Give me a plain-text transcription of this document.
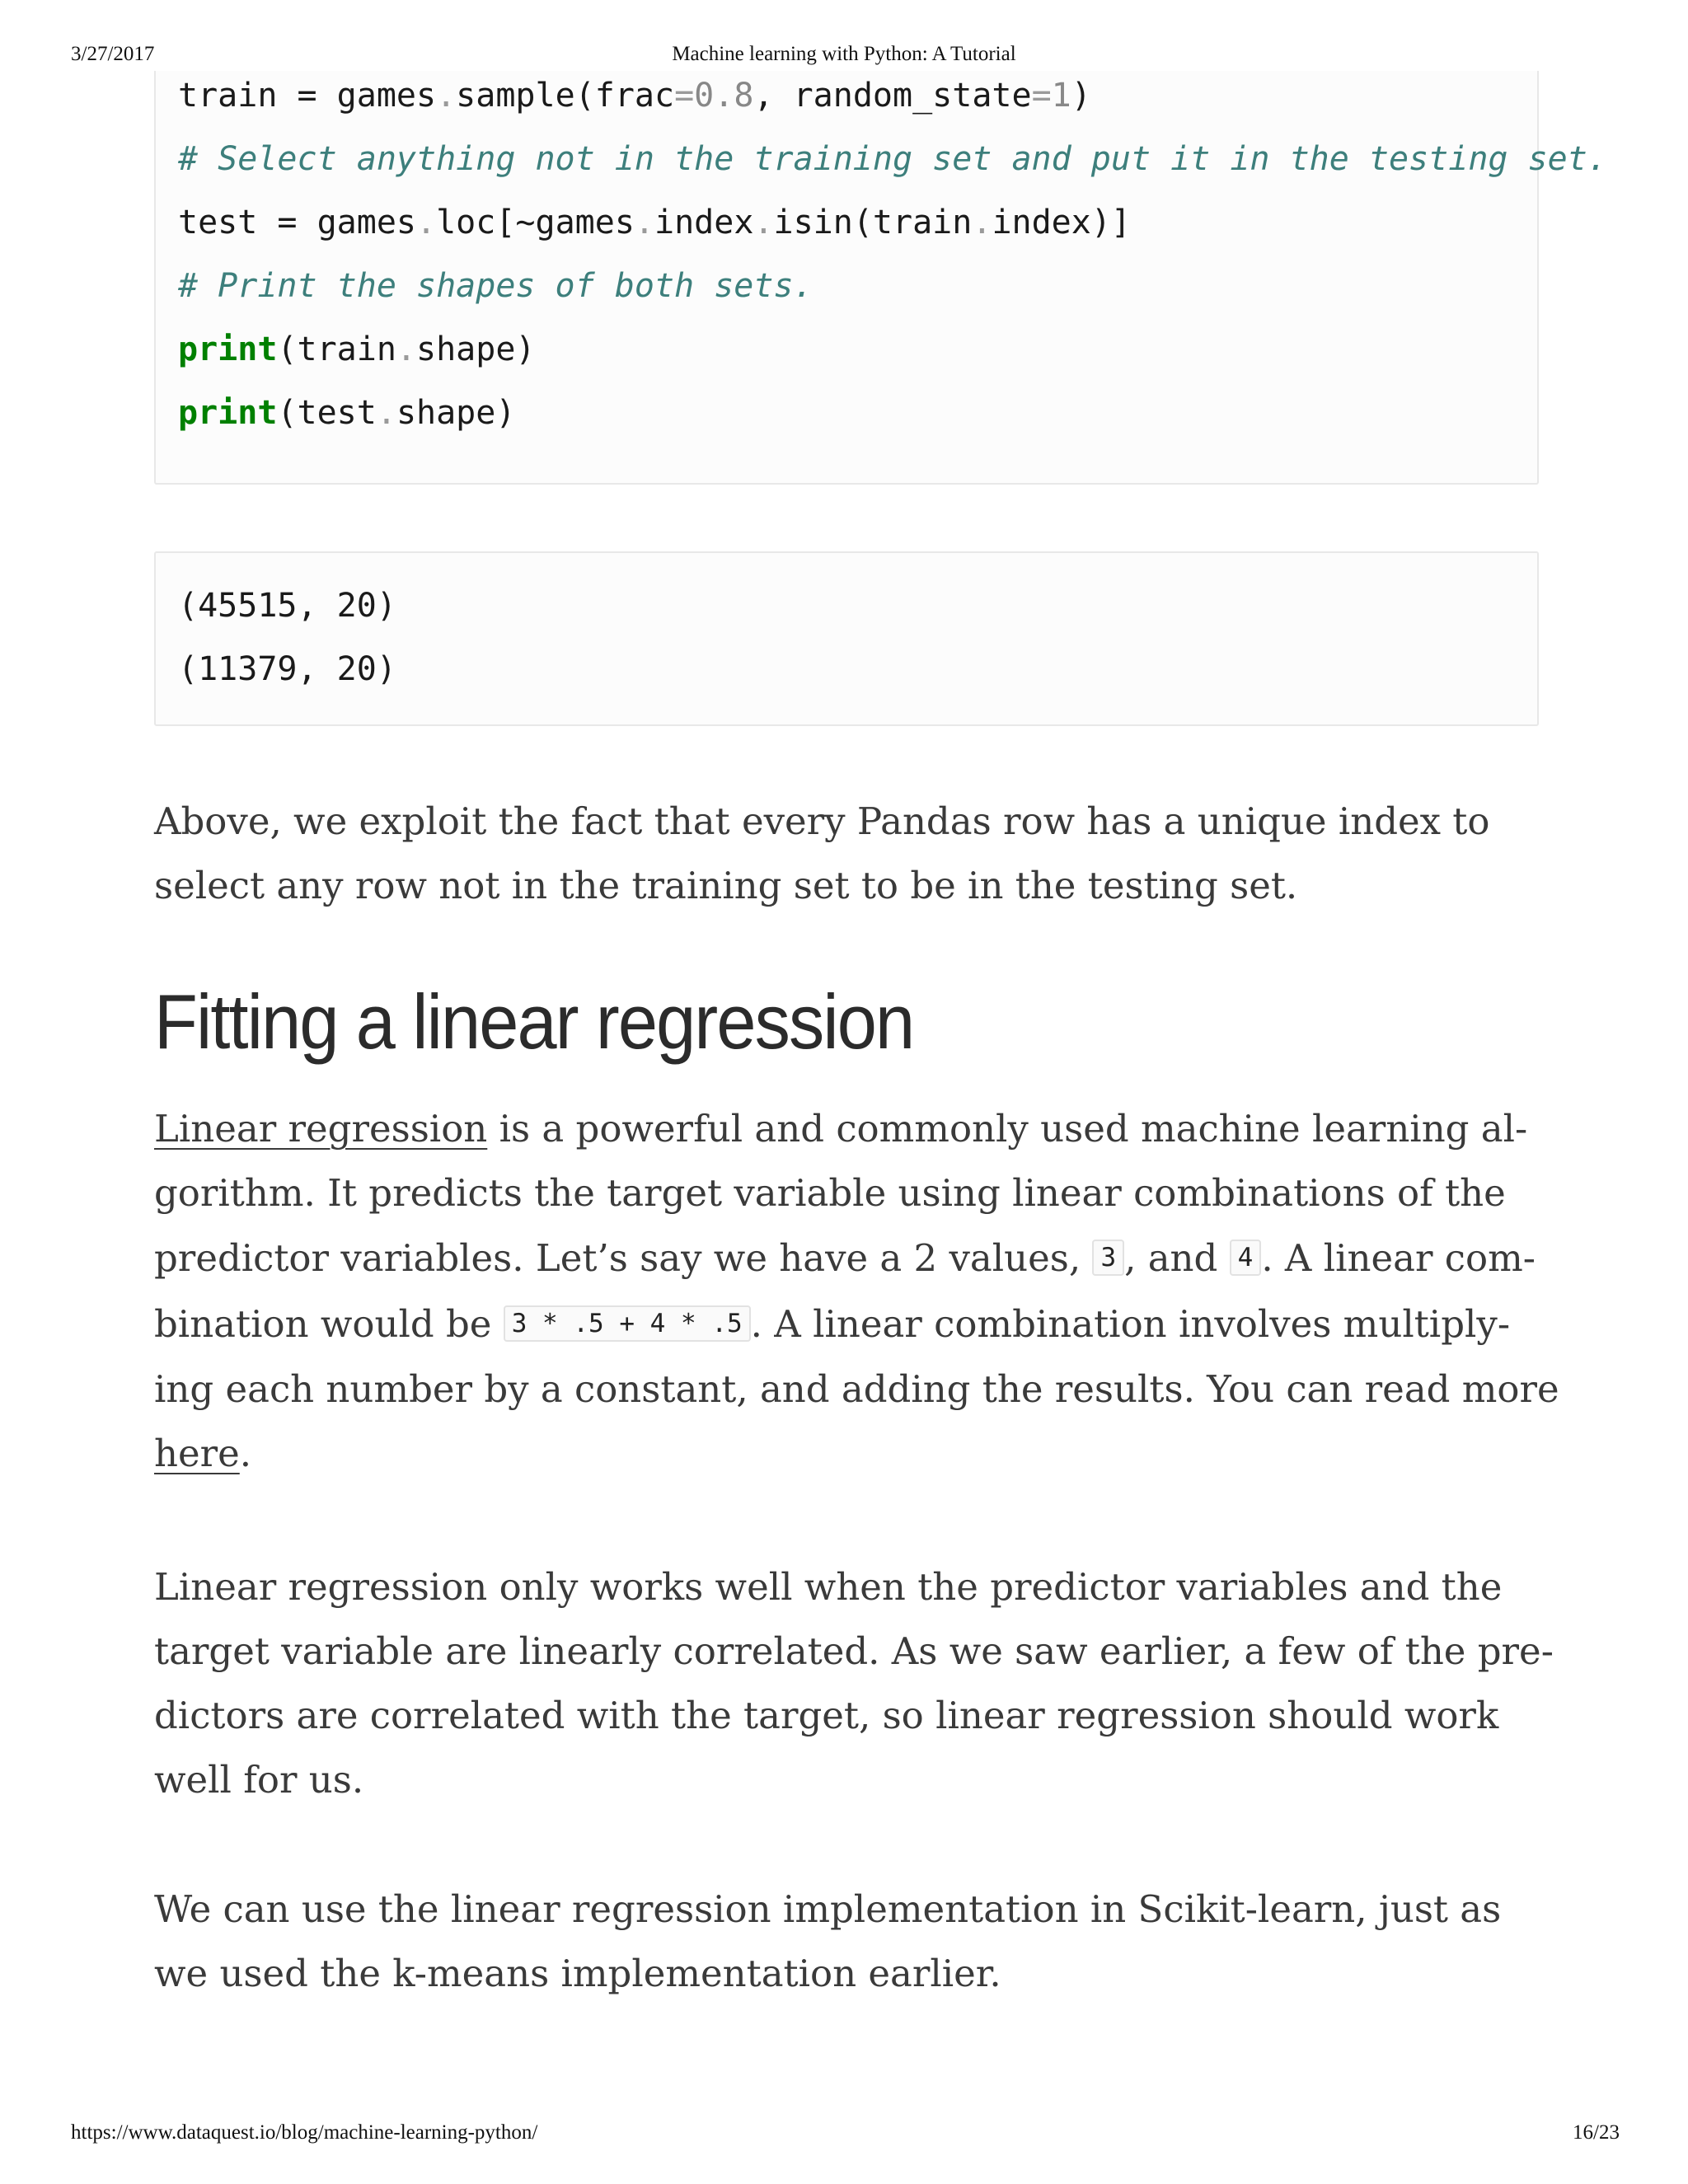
3/27/2017	Machine learning with Python: A Tutorial
train = games.sample(frac=0.8, random_state=1)
# Select anything not in the training set and put it in the testing set.
test = games.loc[~games.index.isin(train.index)]
# Print the shapes of both sets.
print(train.shape)
print(test.shape)
(45515, 20)
(11379, 20)

Above, we exploit the fact that every Pandas row has a unique index to
select any row not in the training set to be in the testing set.

Fitting a linear regression

Linear regression is a powerful and commonly used machine learning al-
gorithm. It predicts the target variable using linear combinations of the
predictor variables. Let’s say we have a 2 values, 3 , and 4 . A linear com-
bination would be 3 * .5 + 4 * .5 . A linear combination involves multiply-
ing each number by a constant, and adding the results. You can read more
here.

Linear regression only works well when the predictor variables and the
target variable are linearly correlated. As we saw earlier, a few of the pre-
dictors are correlated with the target, so linear regression should work
well for us.

We can use the linear regression implementation in Scikit-learn, just as
we used the k-means implementation earlier.

https://www.dataquest.io/blog/machine-learning-python/	16/23
